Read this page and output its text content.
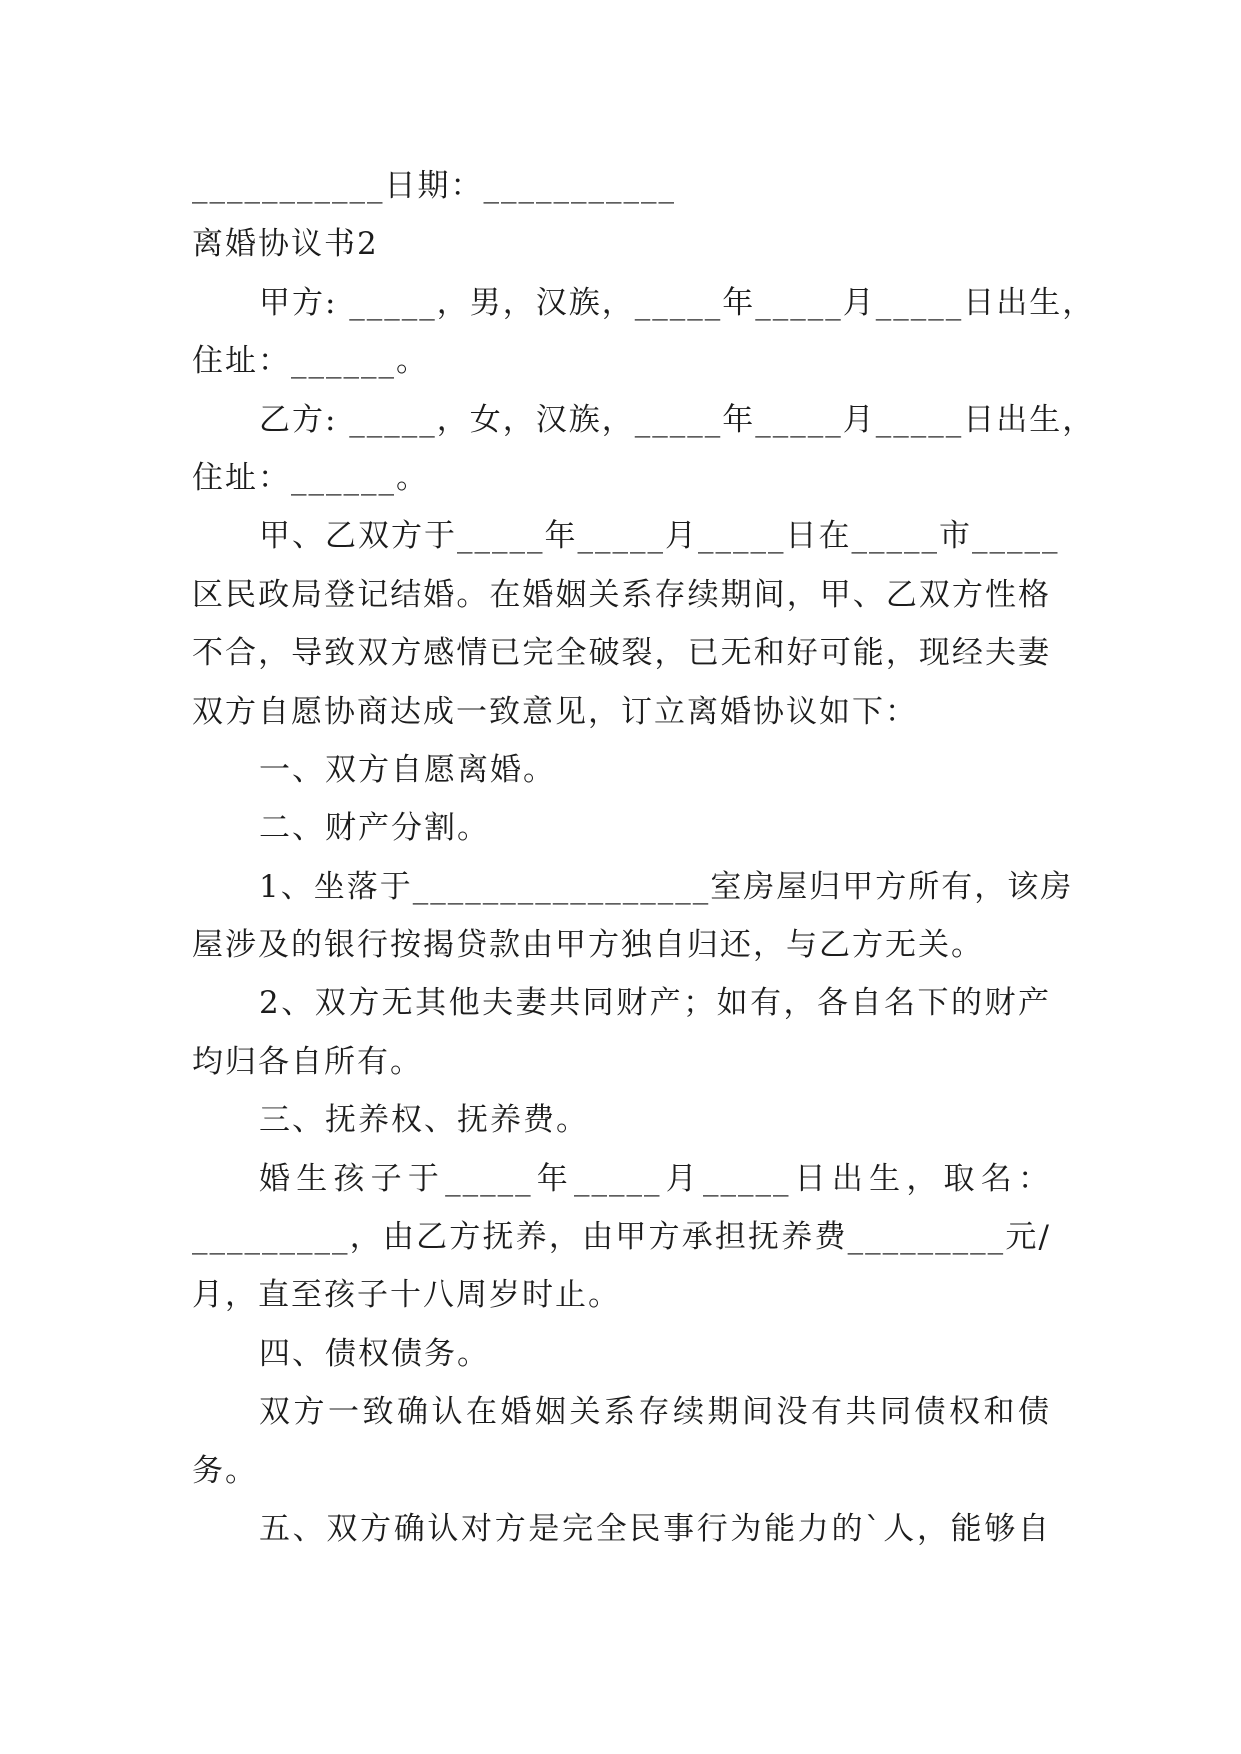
___________日期：___________
离婚协议书2
甲方: _____，男，汉族，_____年_____月_____日出生，
住址：______。
乙方: _____，女，汉族，_____年_____月_____日出生，
住址：______。
甲、乙双方于_____年_____月_____日在_____市_____
区民政局登记结婚。在婚姻关系存续期间，甲、乙双方性格
不合，导致双方感情已完全破裂，已无和好可能，现经夫妻
双方自愿协商达成一致意见，订立离婚协议如下：
一、双方自愿离婚。
二、财产分割。
1、坐落于_________________室房屋归甲方所有，该房
屋涉及的银行按揭贷款由甲方独自归还，与乙方无关。
2、双方无其他夫妻共同财产；如有，各自名下的财产
均归各自所有。
三、抚养权、抚养费。
婚生孩子于_____年_____月_____日出生，取名：
_________，由乙方抚养，由甲方承担抚养费_________元/
月，直至孩子十八周岁时止。
四、债权债务。
双方一致确认在婚姻关系存续期间没有共同债权和债
务。
五、双方确认对方是完全民事行为能力的`人，能够自
